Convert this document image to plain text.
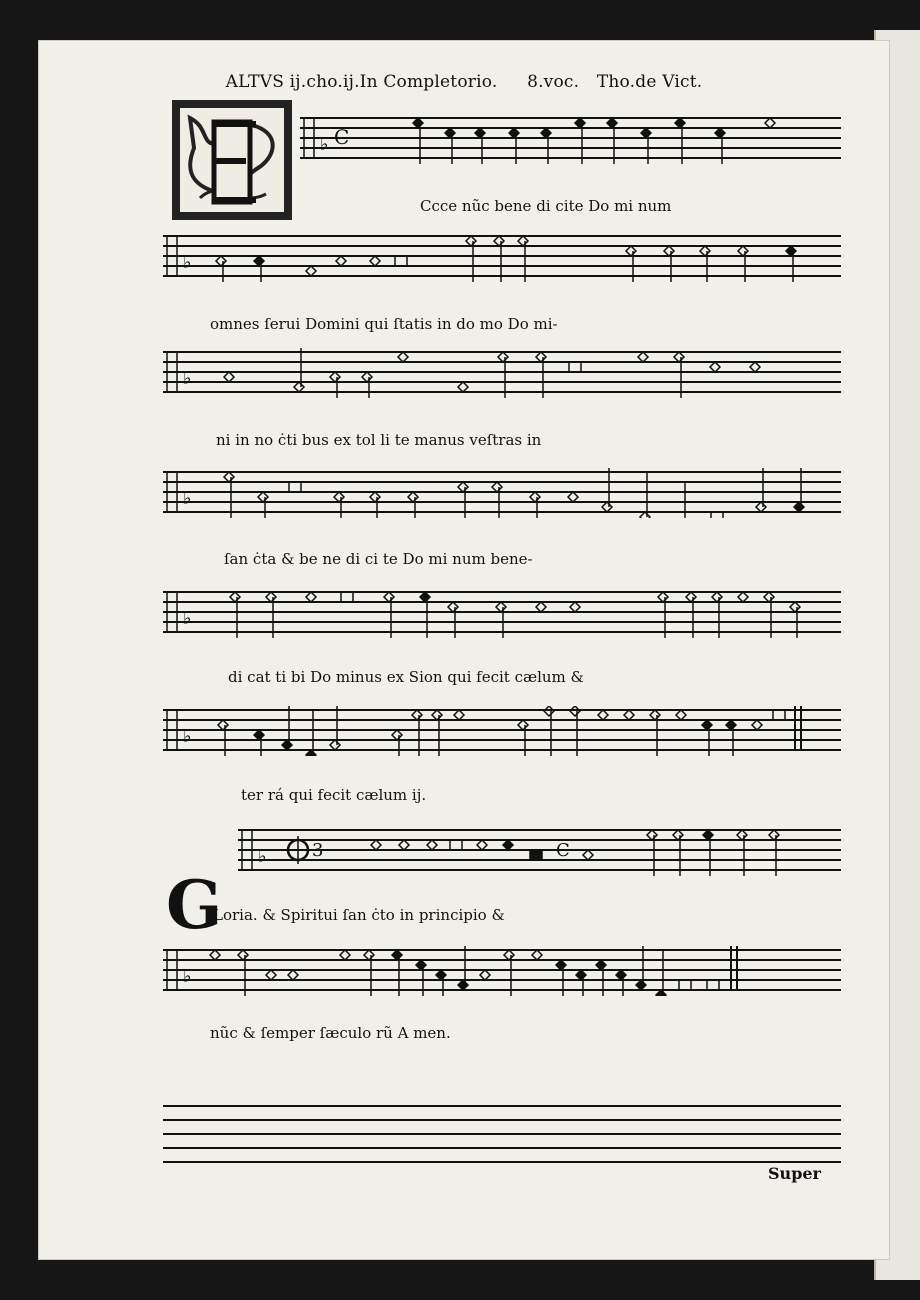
ALTVS ij.cho.ij.In Completorio. 8.voc. Tho.de Vict.
G
♭ C
Ccce nũc bene di cite Do mi num
♭
omnes ſerui Domini qui ſtatis in do mo Do mi-
♭
ni in no ċti bus ex tol li te manus veſtras in
♭
ſan ċta & be ne di ci te Do mi num bene-
♭
di cat ti bi Do minus ex Sion qui fecit cælum &
♭
ter rá qui fecit cælum ij.
♭	3	C
Loria. & Spiritui ſan ċto in principio &
♭
nũc & ſemper ſæculo rũ A men.
Super
